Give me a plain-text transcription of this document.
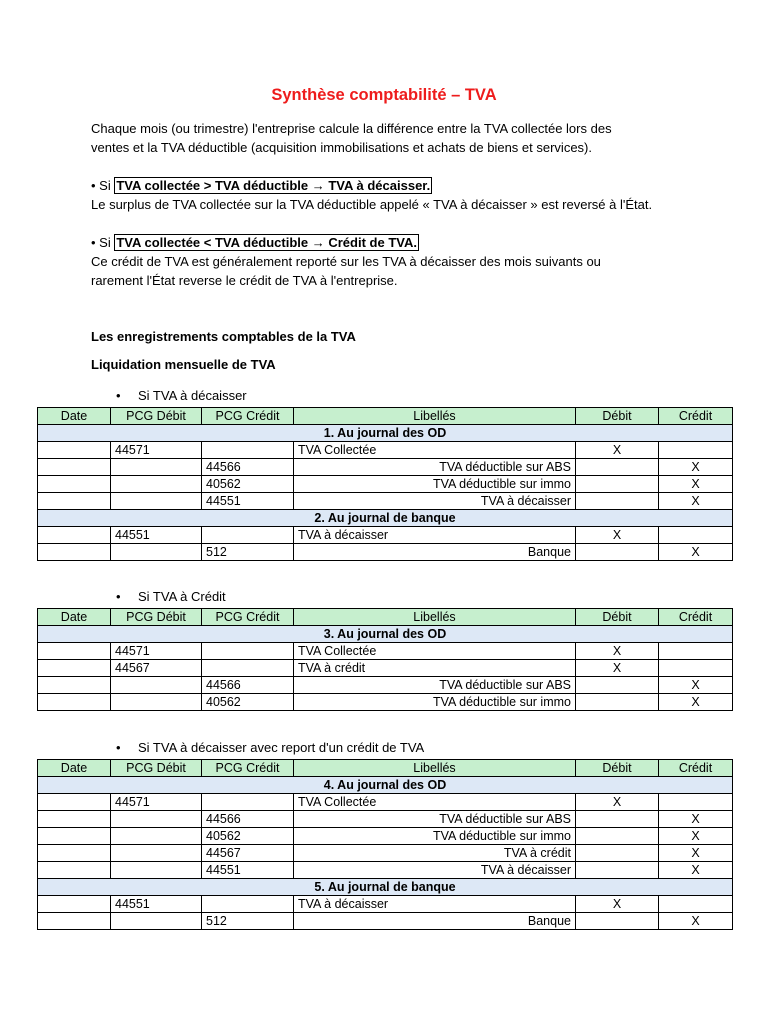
Synthèse comptabilité – TVA
Chaque mois (ou trimestre) l'entreprise calcule la différence entre la TVA collectée lors des
ventes et la TVA déductible (acquisition immobilisations et achats de biens et services).
• Si TVA collectée > TVA déductible → TVA à décaisser.
Le surplus de TVA collectée sur la TVA déductible appelé « TVA à décaisser » est reversé à l'État.
• Si TVA collectée < TVA déductible → Crédit de TVA.
Ce crédit de TVA est généralement reporté sur les TVA à décaisser des mois suivants ou
rarement l'État reverse le crédit de TVA à l'entreprise.
Les enregistrements comptables de la TVA
Liquidation mensuelle de TVA
• Si TVA à décaisser
Date	PCG Débit	PCG Crédit	Libellés	Débit	Crédit
1. Au journal des OD					
	44571		TVA Collectée	X	
		44566	TVA déductible sur ABS		X
		40562	TVA déductible sur immo		X
		44551	TVA à décaisser		X
2. Au journal de banque					
	44551		TVA à décaisser	X	
		512	Banque		X
• Si TVA à Crédit
Date	PCG Débit	PCG Crédit	Libellés	Débit	Crédit
3. Au journal des OD					
	44571		TVA Collectée	X	
	44567		TVA à crédit	X	
		44566	TVA déductible sur ABS		X
		40562	TVA déductible sur immo		X
• Si TVA à décaisser avec report d'un crédit de TVA
Date	PCG Débit	PCG Crédit	Libellés	Débit	Crédit
4. Au journal des OD					
	44571		TVA Collectée	X	
		44566	TVA déductible sur ABS		X
		40562	TVA déductible sur immo		X
		44567	TVA à crédit		X
		44551	TVA à décaisser		X
5. Au journal de banque					
	44551		TVA à décaisser	X	
		512	Banque		X
